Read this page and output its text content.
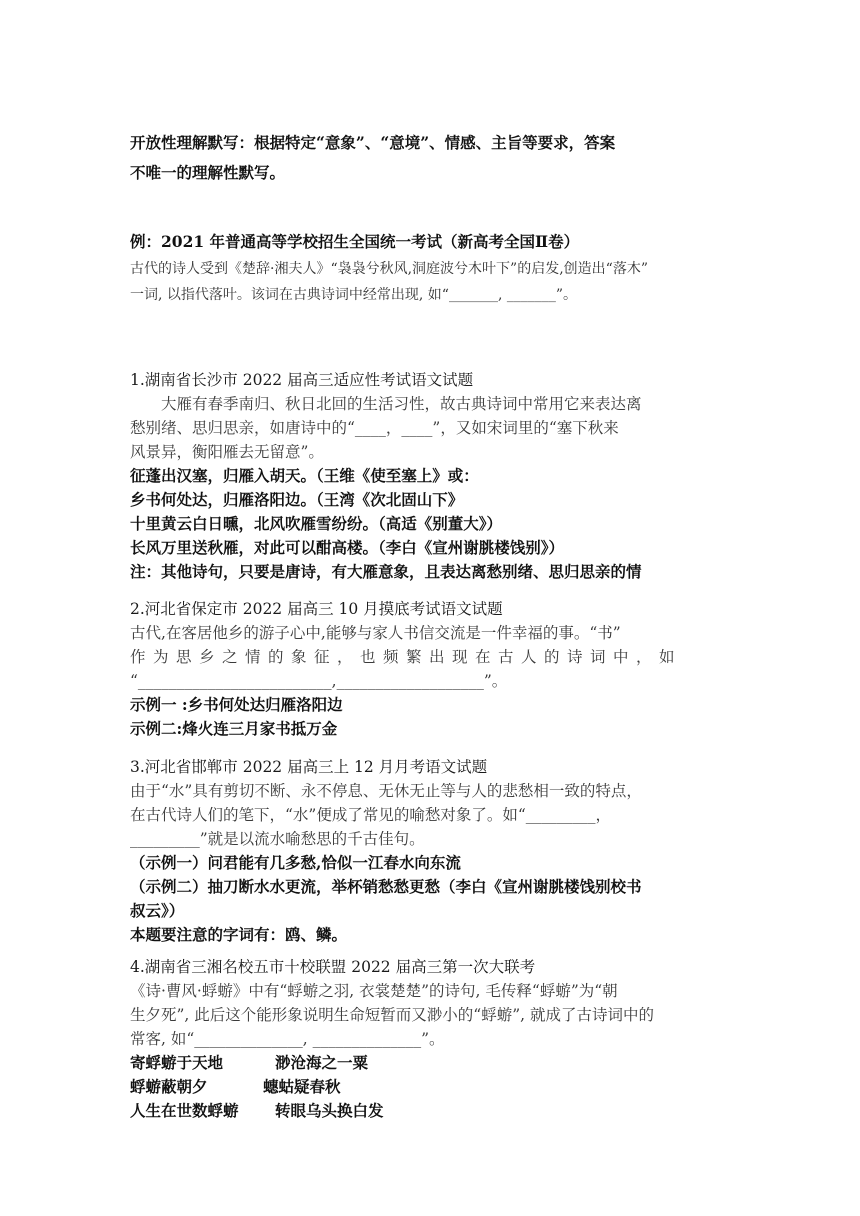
开放性理解默写：根据特定“意象”、“意境”、情感、主旨等要求，答案
不唯一的理解性默写。
例：2021 年普通高等学校招生全国统一考试（新高考全国Ⅱ卷）
古代的诗人受到《楚辞·湘夫人》“袅袅兮秋风,洞庭波兮木叶下”的启发,创造出“落木”
一词, 以指代落叶。该词在古典诗词中经常出现, 如“_______, _______”。
1.湖南省长沙市 2022 届高三适应性考试语文试题
大雁有春季南归、秋日北回的生活习性，故古典诗词中常用它来表达离
愁别绪、思归思亲，如唐诗中的“____，____”，又如宋词里的“塞下秋来
风景异，衡阳雁去无留意”。
征蓬出汉塞，归雁入胡天。（王维《使至塞上》或：
乡书何处达，归雁洛阳边。（王湾《次北固山下》
十里黄云白日曛，北风吹雁雪纷纷。（高适《别董大》）
长风万里送秋雁，对此可以酣高楼。（李白《宣州谢朓楼饯别》）
注：其他诗句，只要是唐诗，有大雁意象，且表达离愁别绪、思归思亲的情
2.河北省保定市 2022 届高三 10 月摸底考试语文试题
古代,在客居他乡的游子心中,能够与家人书信交流是一件幸福的事。“书”
作为思乡之情的象征，也频繁出现在古人的诗词中，如
“_________________________,___________________”。
示例一 :乡书何处达归雁洛阳边
示例二:烽火连三月家书抵万金
3.河北省邯郸市 2022 届高三上 12 月月考语文试题
由于“水”具有剪切不断、永不停息、无休无止等与人的悲愁相一致的特点，
在古代诗人们的笔下，“水”便成了常见的喻愁对象了。如“_________，
_________”就是以流水喻愁思的千古佳句。
（示例一）问君能有几多愁,恰似一江春水向东流
（示例二）抽刀断水水更流，举杯销愁愁更愁（李白《宣州谢朓楼饯别校书
叔云》）
本题要注意的字词有：鸥、鳞。
4.湖南省三湘名校五市十校联盟 2022 届高三第一次大联考
《诗·曹风·蜉蝣》中有“蜉蝣之羽, 衣裳楚楚”的诗句, 毛传释“蜉蝣”为“朝
生夕死”, 此后这个能形象说明生命短暂而又渺小的“蜉蝣”, 就成了古诗词中的
常客, 如“______________, ______________”。
寄蜉蝣于天地	渺沧海之一粟
蜉蝣蔽朝夕	蟪蛄疑春秋
人生在世数蜉蝣 转眼乌头换白发
